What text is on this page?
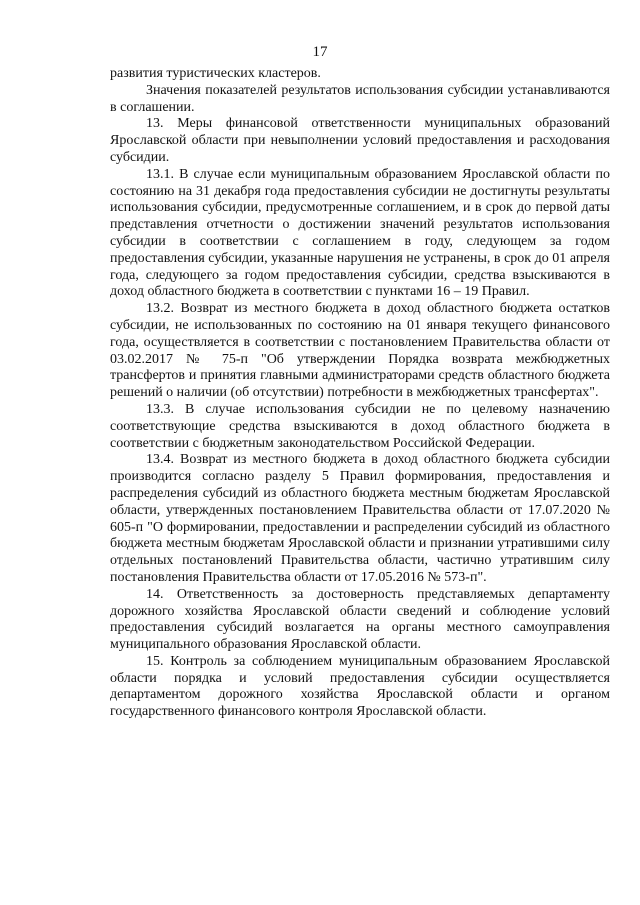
17

развития туристических кластеров.

Значения показателей результатов использования субсидии устанавливаются в соглашении.

13. Меры финансовой ответственности муниципальных образований Ярославской области при невыполнении условий предоставления и расходования субсидии.

13.1. В случае если муниципальным образованием Ярославской области по состоянию на 31 декабря года предоставления субсидии не достигнуты результаты использования субсидии, предусмотренные соглашением, и в срок до первой даты представления отчетности о достижении значений результатов использования субсидии в соответствии с соглашением в году, следующем за годом предоставления субсидии, указанные нарушения не устранены, в срок до 01 апреля года, следующего за годом предоставления субсидии, средства взыскиваются в доход областного бюджета в соответствии с пунктами 16 – 19 Правил.

13.2. Возврат из местного бюджета в доход областного бюджета остатков субсидии, не использованных по состоянию на 01 января текущего финансового года, осуществляется в соответствии с постановлением Правительства области от 03.02.2017 № 75-п "Об утверждении Порядка возврата межбюджетных трансфертов и принятия главными администраторами средств областного бюджета решений о наличии (об отсутствии) потребности в межбюджетных трансфертах".

13.3. В случае использования субсидии не по целевому назначению соответствующие средства взыскиваются в доход областного бюджета в соответствии с бюджетным законодательством Российской Федерации.

13.4. Возврат из местного бюджета в доход областного бюджета субсидии производится согласно разделу 5 Правил формирования, предоставления и распределения субсидий из областного бюджета местным бюджетам Ярославской области, утвержденных постановлением Правительства области от 17.07.2020 № 605-п "О формировании, предоставлении и распределении субсидий из областного бюджета местным бюджетам Ярославской области и признании утратившими силу отдельных постановлений Правительства области, частично утратившим силу постановления Правительства области от 17.05.2016 № 573-п".

14. Ответственность за достоверность представляемых департаменту дорожного хозяйства Ярославской области сведений и соблюдение условий предоставления субсидий возлагается на органы местного самоуправления муниципального образования Ярославской области.

15. Контроль за соблюдением муниципальным образованием Ярославской области порядка и условий предоставления субсидии осуществляется департаментом дорожного хозяйства Ярославской области и органом государственного финансового контроля Ярославской области.
